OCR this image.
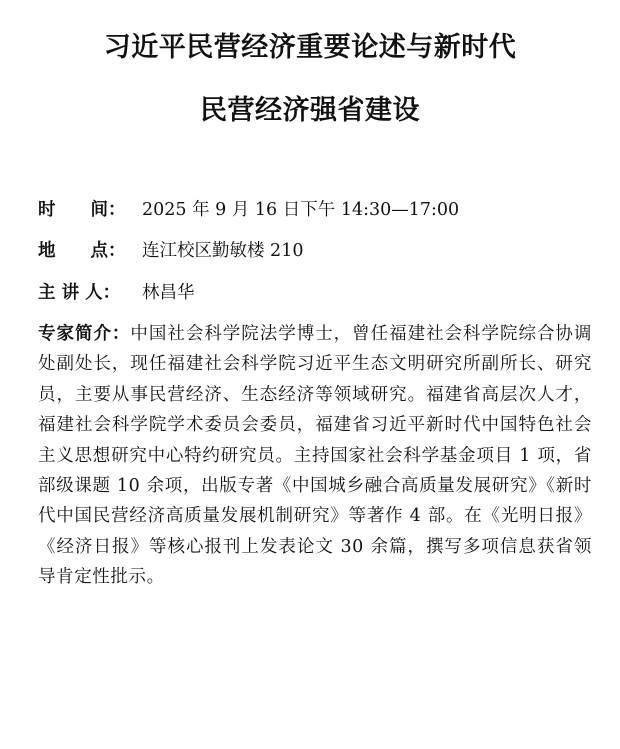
习近平民营经济重要论述与新时代
民营经济强省建设
时　　间： 2025 年 9 月 16 日下午 14:30—17:00
地　　点： 连江校区勤敏楼 210
主 讲 人： 林昌华

专家简介：中国社会科学院法学博士，曾任福建社会科学院综合协调处副处长，现任福建社会科学院习近平生态文明研究所副所长、研究员，主要从事民营经济、生态经济等领域研究。福建省高层次人才，福建社会科学院学术委员会委员，福建省习近平新时代中国特色社会主义思想研究中心特约研究员。主持国家社会科学基金项目 1 项，省部级课题 10 余项，出版专著《中国城乡融合高质量发展研究》《新时代中国民营经济高质量发展机制研究》等著作 4 部。在《光明日报》《经济日报》等核心报刊上发表论文 30 余篇，撰写多项信息获省领导肯定性批示。
